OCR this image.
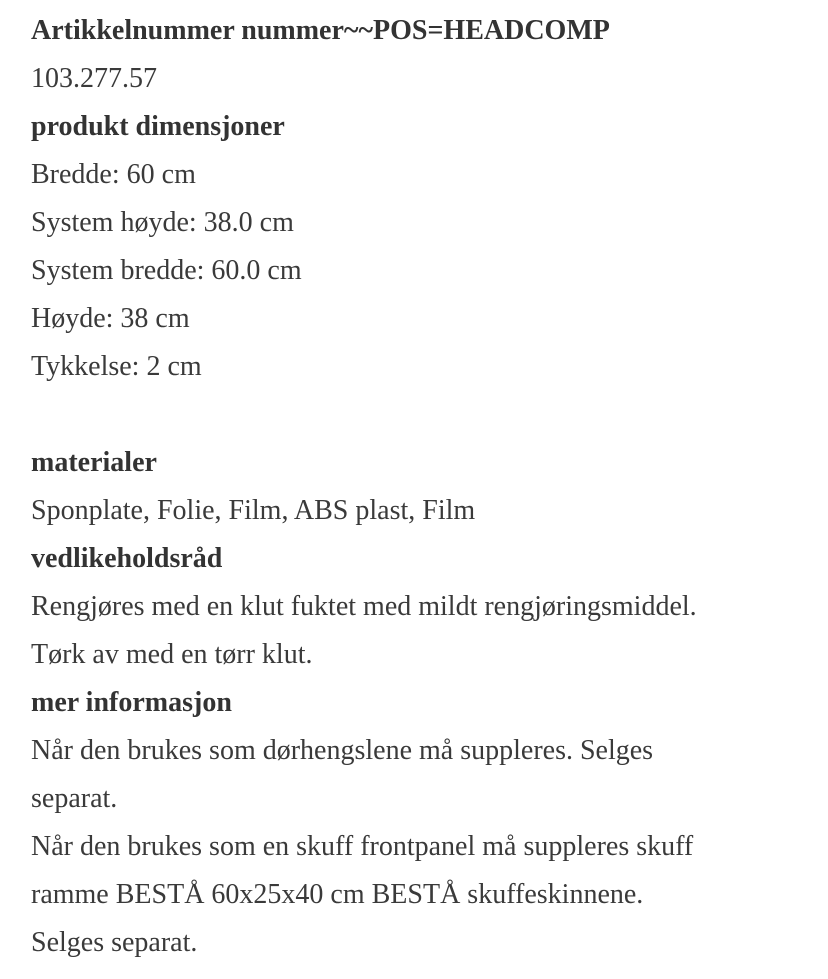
Artikkelnummer nummer~~POS=HEADCOMP

103.277.57

produkt dimensjoner

Bredde: 60 cm

System høyde: 38.0 cm

System bredde: 60.0 cm

Høyde: 38 cm

Tykkelse: 2 cm

materialer

Sponplate, Folie, Film, ABS plast, Film

vedlikeholdsråd

Rengjøres med en klut fuktet med mildt rengjøringsmiddel.

Tørk av med en tørr klut.

mer informasjon

Når den brukes som dørhengslene må suppleres. Selges

separat.

Når den brukes som en skuff frontpanel må suppleres skuff

ramme BESTÅ 60x25x40 cm BESTÅ skuffeskinnene.

Selges separat.
